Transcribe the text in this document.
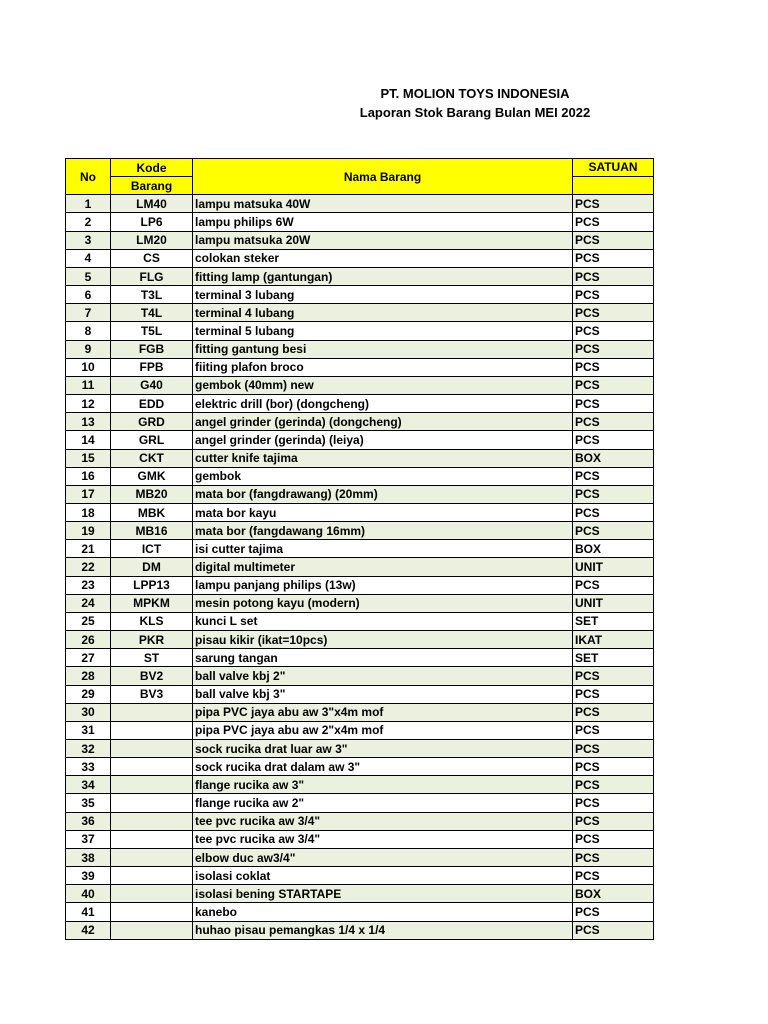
PT. MOLION TOYS INDONESIA
Laporan Stok Barang Bulan MEI 2022
No	Kode	Nama Barang	SATUAN
	Barang		
1	LM40	lampu matsuka 40W	PCS
2	LP6	lampu philips 6W	PCS
3	LM20	lampu matsuka 20W	PCS
4	CS	colokan steker	PCS
5	FLG	fitting lamp (gantungan)	PCS
6	T3L	terminal 3 lubang	PCS
7	T4L	terminal 4 lubang	PCS
8	T5L	terminal 5 lubang	PCS
9	FGB	fitting gantung besi	PCS
10	FPB	fiiting plafon broco	PCS
11	G40	gembok (40mm) new	PCS
12	EDD	elektric drill (bor) (dongcheng)	PCS
13	GRD	angel grinder (gerinda) (dongcheng)	PCS
14	GRL	angel grinder (gerinda) (leiya)	PCS
15	CKT	cutter knife tajima	BOX
16	GMK	gembok	PCS
17	MB20	mata bor (fangdrawang) (20mm)	PCS
18	MBK	mata bor kayu	PCS
19	MB16	mata bor (fangdawang 16mm)	PCS
21	ICT	isi cutter tajima	BOX
22	DM	digital multimeter	UNIT
23	LPP13	lampu panjang philips (13w)	PCS
24	MPKM	mesin potong kayu (modern)	UNIT
25	KLS	kunci L set	SET
26	PKR	pisau kikir (ikat=10pcs)	IKAT
27	ST	sarung tangan	SET
28	BV2	ball valve kbj 2"	PCS
29	BV3	ball valve kbj 3"	PCS
30		pipa PVC jaya abu aw 3"x4m mof	PCS
31		pipa PVC jaya abu aw 2"x4m mof	PCS
32		sock rucika drat luar aw 3"	PCS
33		sock rucika drat dalam aw 3"	PCS
34		flange rucika aw 3"	PCS
35		flange rucika aw 2"	PCS
36		tee pvc rucika aw 3/4"	PCS
37		tee pvc rucika aw 3/4"	PCS
38		elbow duc aw3/4"	PCS
39		isolasi coklat	PCS
40		isolasi bening STARTAPE	BOX
41		kanebo	PCS
42		huhao pisau pemangkas 1/4 x 1/4	PCS
